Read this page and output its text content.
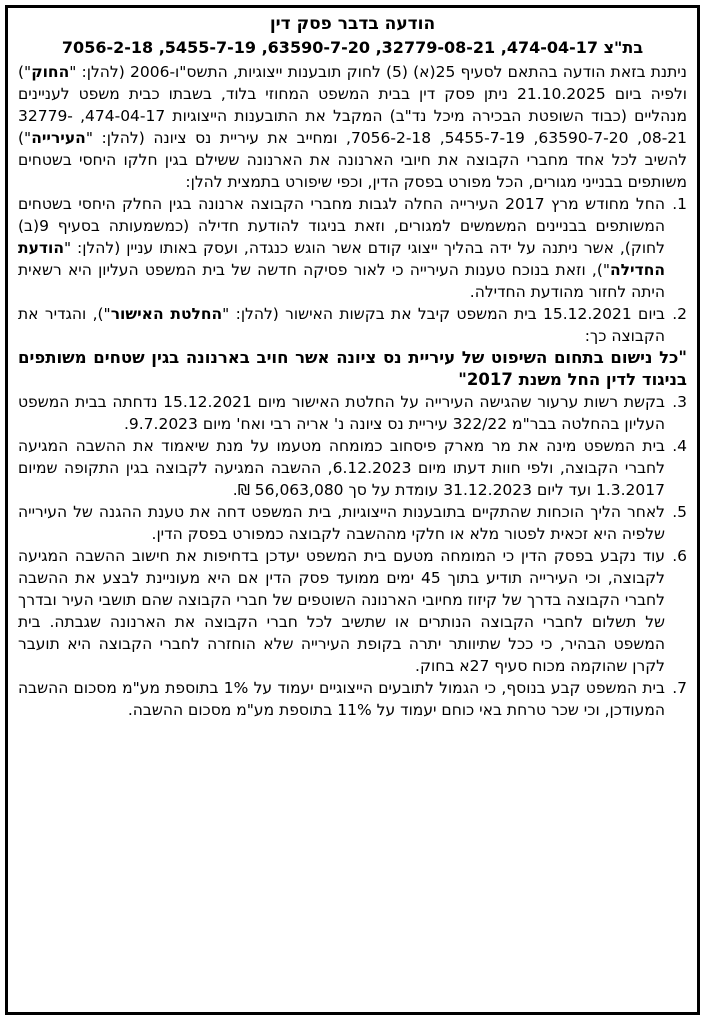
הודעה בדבר פסק דין

בת"צ 474-04-17, 32779-08-21, 63590-7-20, 5455-7-19, 7056-2-18

ניתנת בזאת הודעה בהתאם לסעיף 25(א) (5) לחוק תובענות ייצוגיות, התשס"ו-2006 (להלן: "החוק") ולפיה ביום 21.10.2025 ניתן פסק דין בבית המשפט המחוזי בלוד, בשבתו כבית משפט לעניינים מנהליים (כבוד השופטת הבכירה מיכל נד"ב) המקבל את התובענות הייצוגיות 474-04-17, 32779-08-21, 63590-7-20, 5455-7-19, 7056-2-18, ומחייב את עיריית נס ציונה (להלן: "העירייה") להשיב לכל אחד מחברי הקבוצה את חיובי הארנונה את הארנונה ששילם בגין חלקו היחסי בשטחים משותפים בבנייני מגורים, הכל מפורט בפסק הדין, וכפי שיפורט בתמצית להלן:

1.
החל מחודש מרץ 2017 העירייה החלה לגבות מחברי הקבוצה ארנונה בגין החלק היחסי בשטחים המשותפים בבניינים המשמשים למגורים, וזאת בניגוד להודעת חדילה (כמשמעותה בסעיף 9(ב) לחוק), אשר ניתנה על ידה בהליך ייצוגי קודם אשר הוגש כנגדה, ועסק באותו עניין (להלן: "הודעת החדילה"), וזאת בנוכח טענות העירייה כי לאור פסיקה חדשה של בית המשפט העליון היא רשאית היתה לחזור מהודעת החדילה.
2.
ביום 15.12.2021 בית המשפט קיבל את בקשות האישור (להלן: "החלטת האישור"), והגדיר את הקבוצה כך:
"כל נישום בתחום השיפוט של עיריית נס ציונה אשר חויב בארנונה בגין שטחים משותפים בניגוד לדין החל משנת 2017"
3.
בקשת רשות ערעור שהגישה העירייה על החלטת האישור מיום 15.12.2021 נדחתה בבית המשפט העליון בהחלטה בבר"מ 322/22 עיריית נס ציונה נ' אריה רבי ואח' מיום 9.7.2023.
4.
בית המשפט מינה את מר מארק פיסחוב כמומחה מטעמו על מנת שיאמוד את ההשבה המגיעה לחברי הקבוצה, ולפי חוות דעתו מיום 6.12.2023, ההשבה המגיעה לקבוצה בגין התקופה שמיום 1.3.2017 ועד ליום 31.12.2023 עומדת על סך 56,063,080 ₪.
5.
לאחר הליך הוכחות שהתקיים בתובענות הייצוגיות, בית המשפט דחה את טענת ההגנה של העירייה שלפיה היא זכאית לפטור מלא או חלקי מההשבה לקבוצה כמפורט בפסק הדין.
6.
עוד נקבע בפסק הדין כי המומחה מטעם בית המשפט יעדכן בדחיפות את חישוב ההשבה המגיעה לקבוצה, וכי העירייה תודיע בתוך 45 ימים ממועד פסק הדין אם היא מעוניינת לבצע את ההשבה לחברי הקבוצה בדרך של קיזוז מחיובי הארנונה השוטפים של חברי הקבוצה שהם תושבי העיר ובדרך של תשלום לחברי הקבוצה הנותרים או שתשיב לכל חברי הקבוצה את הארנונה שגבתה. בית המשפט הבהיר, כי ככל שתיוותר יתרה בקופת העירייה שלא הוחזרה לחברי הקבוצה היא תועבר לקרן שהוקמה מכוח סעיף 27א בחוק.
7.
בית המשפט קבע בנוסף, כי הגמול לתובעים הייצוגיים יעמוד על 1% בתוספת מע"מ מסכום ההשבה המעודכן, וכי שכר טרחת באי כוחם יעמוד על 11% בתוספת מע"מ מסכום ההשבה.
